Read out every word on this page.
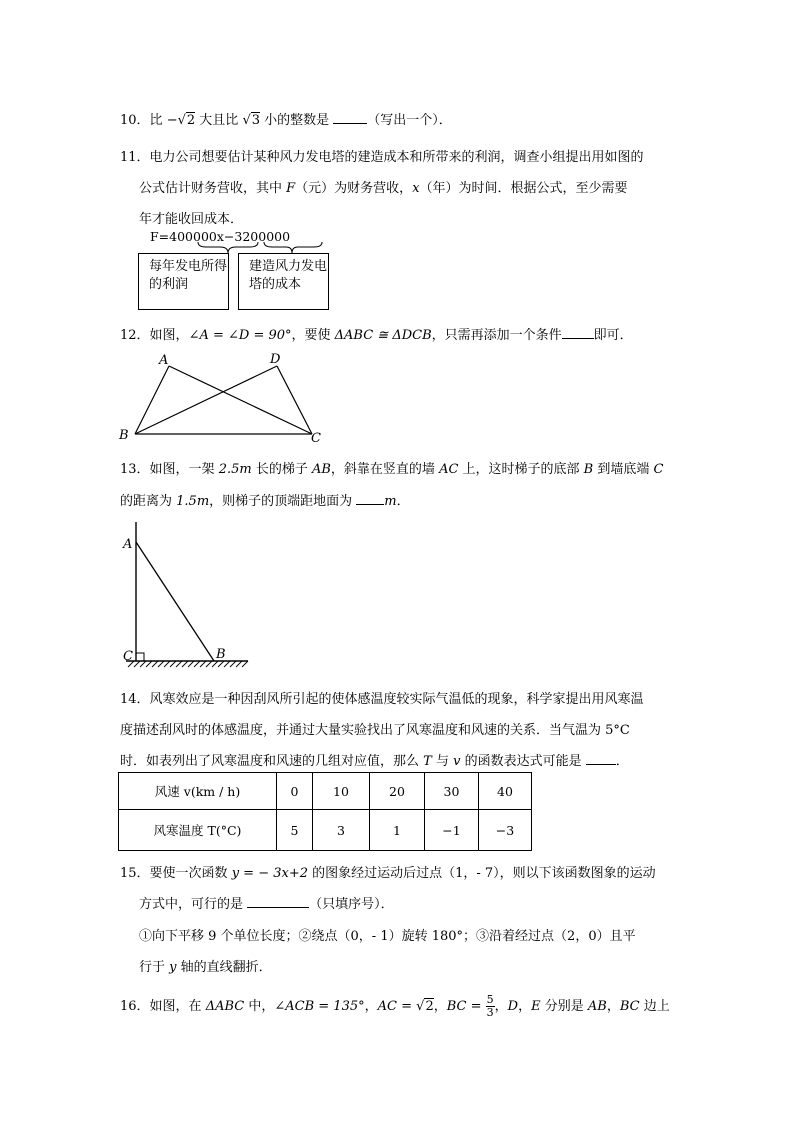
10．比 −√2 大且比 √3 小的整数是	（写出一个）．
11．电力公司想要估计某种风力发电塔的建造成本和所带来的利润，调查小组提出用如图的
公式估计财务营收，其中 F（元）为财务营收，x（年）为时间．根据公式，至少需要
年才能收回成本．
F=400000x−3200000
每年发电所得的利润
建造风力发电塔的成本
12．如图，∠A = ∠D = 90°，要使 ΔABC ≅ ΔDCB，只需再添加一个条件 即可．
A	D
B	C
13．如图，一架 2.5m 长的梯子 AB，斜靠在竖直的墙 AC 上，这时梯子的底部 B 到墙底端 C
的距离为 1.5m，则梯子的顶端距地面为 m．
A
C	B
14．风寒效应是一种因刮风所引起的使体感温度较实际气温低的现象，科学家提出用风寒温
度描述刮风时的体感温度，并通过大量实验找出了风寒温度和风速的关系．当气温为 5°C
时．如表列出了风寒温度和风速的几组对应值，那么 T 与 v 的函数表达式可能是 ．
风速 v(km / h)	0	10	20	30	40
风寒温度 T(°C)	5	3	1	−1	−3
15．要使一次函数 y = − 3x+2 的图象经过运动后过点（1，- 7），则以下该函数图象的运动
方式中，可行的是	（只填序号）．
①向下平移 9 个单位长度；②绕点（0，- 1）旋转 180°；③沿着经过点（2，0）且平
行于 y 轴的直线翻折．
16．如图，在 ΔABC 中，∠ACB = 135°，AC = √2，BC = $\frac{5}{3}$ ，D，E 分别是 AB，BC 边上
